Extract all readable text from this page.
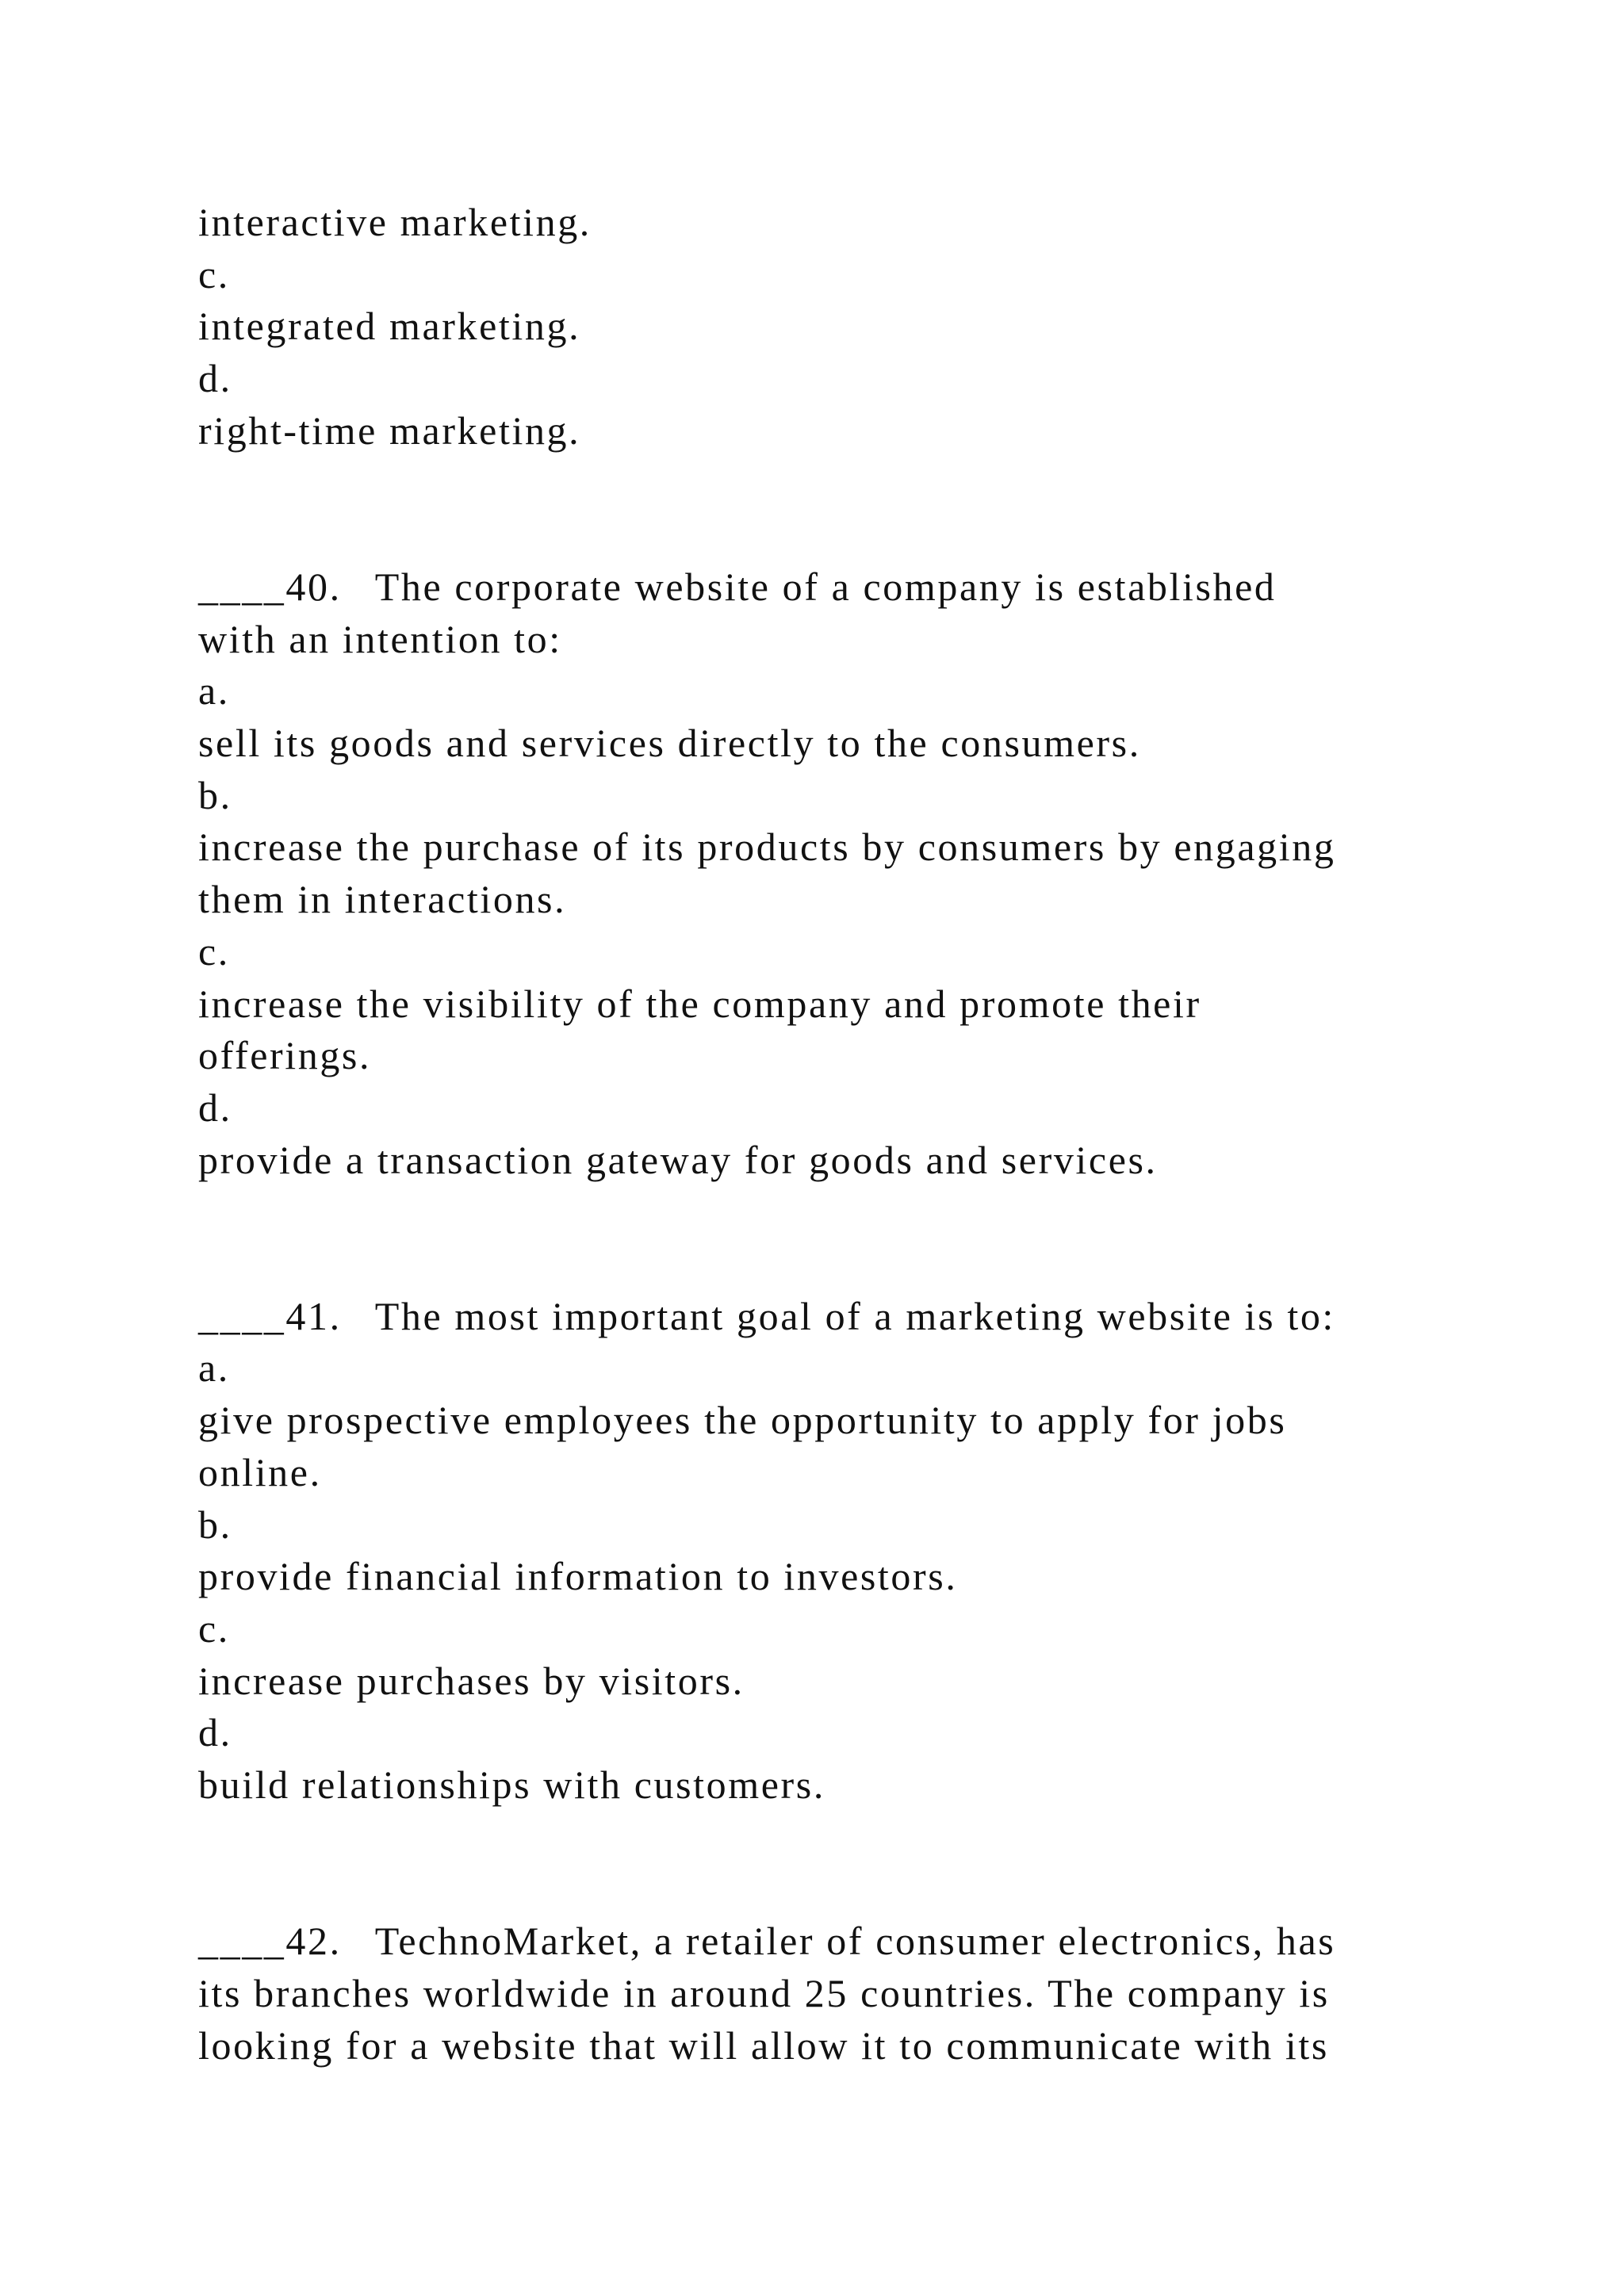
interactive marketing.
c.
integrated marketing.
d.
right-time marketing.
____40. The corporate website of a company is established
with an intention to:
a.
sell its goods and services directly to the consumers.
b.
increase the purchase of its products by consumers by engaging
them in interactions.
c.
increase the visibility of the company and promote their
offerings.
d.
provide a transaction gateway for goods and services.
____41. The most important goal of a marketing website is to:
a.
give prospective employees the opportunity to apply for jobs
online.
b.
provide financial information to investors.
c.
increase purchases by visitors.
d.
build relationships with customers.
____42. TechnoMarket, a retailer of consumer electronics, has
its branches worldwide in around 25 countries. The company is
looking for a website that will allow it to communicate with its
